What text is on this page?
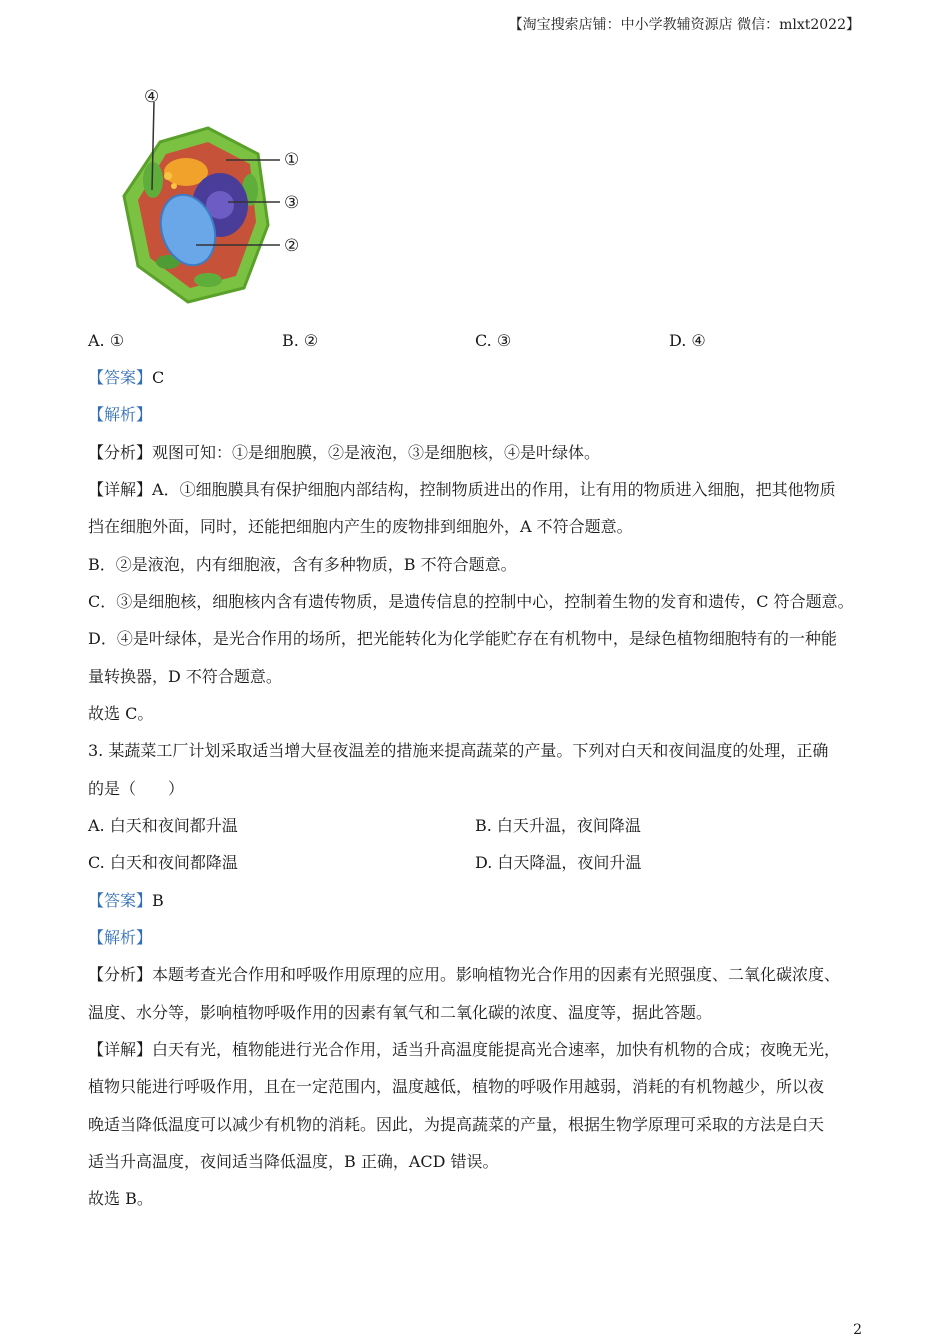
【淘宝搜索店铺：中小学教辅资源店 微信：mlxt2022】
④
①
③
②
A. ①	B. ②	C. ③	D. ④
【答案】C
【解析】
【分析】观图可知：①是细胞膜，②是液泡，③是细胞核，④是叶绿体。
【详解】A．①细胞膜具有保护细胞内部结构，控制物质进出的作用，让有用的物质进入细胞，把其他物质
挡在细胞外面，同时，还能把细胞内产生的废物排到细胞外，A 不符合题意。
B．②是液泡，内有细胞液，含有多种物质，B 不符合题意。
C．③是细胞核，细胞核内含有遗传物质，是遗传信息的控制中心，控制着生物的发育和遗传，C 符合题意。
D．④是叶绿体，是光合作用的场所，把光能转化为化学能贮存在有机物中，是绿色植物细胞特有的一种能
量转换器，D 不符合题意。
故选 C。
3. 某蔬菜工厂计划采取适当增大昼夜温差的措施来提高蔬菜的产量。下列对白天和夜间温度的处理，正确
的是（　　）
A. 白天和夜间都升温	B. 白天升温，夜间降温
C. 白天和夜间都降温	D. 白天降温，夜间升温
【答案】B
【解析】
【分析】本题考查光合作用和呼吸作用原理的应用。影响植物光合作用的因素有光照强度、二氧化碳浓度、
温度、水分等，影响植物呼吸作用的因素有氧气和二氧化碳的浓度、温度等，据此答题。
【详解】白天有光，植物能进行光合作用，适当升高温度能提高光合速率，加快有机物的合成；夜晚无光，
植物只能进行呼吸作用，且在一定范围内，温度越低，植物的呼吸作用越弱，消耗的有机物越少，所以夜
晚适当降低温度可以减少有机物的消耗。因此，为提高蔬菜的产量，根据生物学原理可采取的方法是白天
适当升高温度，夜间适当降低温度，B 正确，ACD 错误。
故选 B。
2
